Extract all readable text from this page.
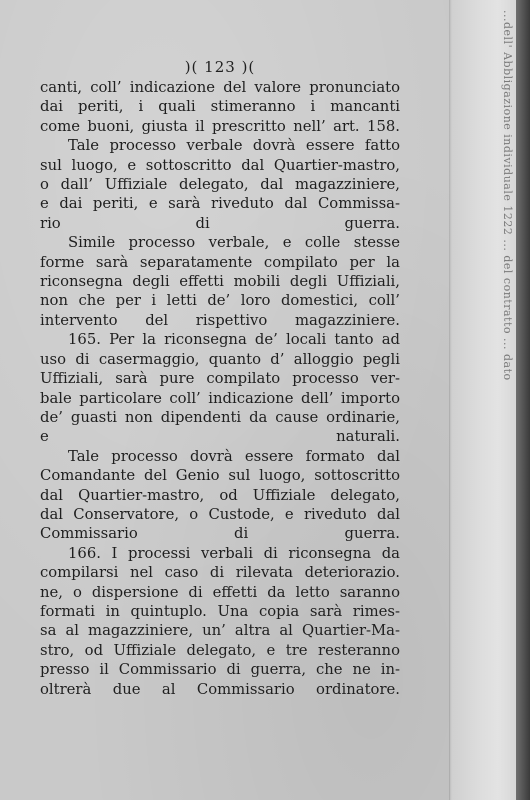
...dell' Abbligazione individuale 1222 ... del contratto ... dato
)( 123 )(
canti, coll’ indicazione del valore pronunciato
dai periti, i quali stimeranno i mancanti
come buoni, giusta il prescritto nell’ art. 158.
Tale processo verbale dovrà essere fatto
sul luogo, e sottoscritto dal Quartier-mastro,
o dall’ Uffiziale delegato, dal magazziniere,
e dai periti, e sarà riveduto dal Commissa-
rio di guerra.
Simile processo verbale, e colle stesse
forme sarà separatamente compilato per la
riconsegna degli effetti mobili degli Uffiziali,
non che per i letti de’ loro domestici, coll’
intervento del rispettivo magazziniere.
165. Per la riconsegna de’ locali tanto ad
uso di casermaggio, quanto d’ alloggio pegli
Uffiziali, sarà pure compilato processo ver-
bale particolare coll’ indicazione dell’ importo
de’ guasti non dipendenti da cause ordinarie,
e naturali.
Tale processo dovrà essere formato dal
Comandante del Genio sul luogo, sottoscritto
dal Quartier-mastro, od Uffiziale delegato,
dal Conservatore, o Custode, e riveduto dal
Commissario di guerra.
166. I processi verbali di riconsegna da
compilarsi nel caso di rilevata deteriorazio.
ne, o dispersione di effetti da letto saranno
formati in quintuplo. Una copia sarà rimes-
sa al magazziniere, un’ altra al Quartier-Ma-
stro, od Uffiziale delegato, e tre resteranno
presso il Commissario di guerra, che ne in-
oltrerà due al Commissario ordinatore.
